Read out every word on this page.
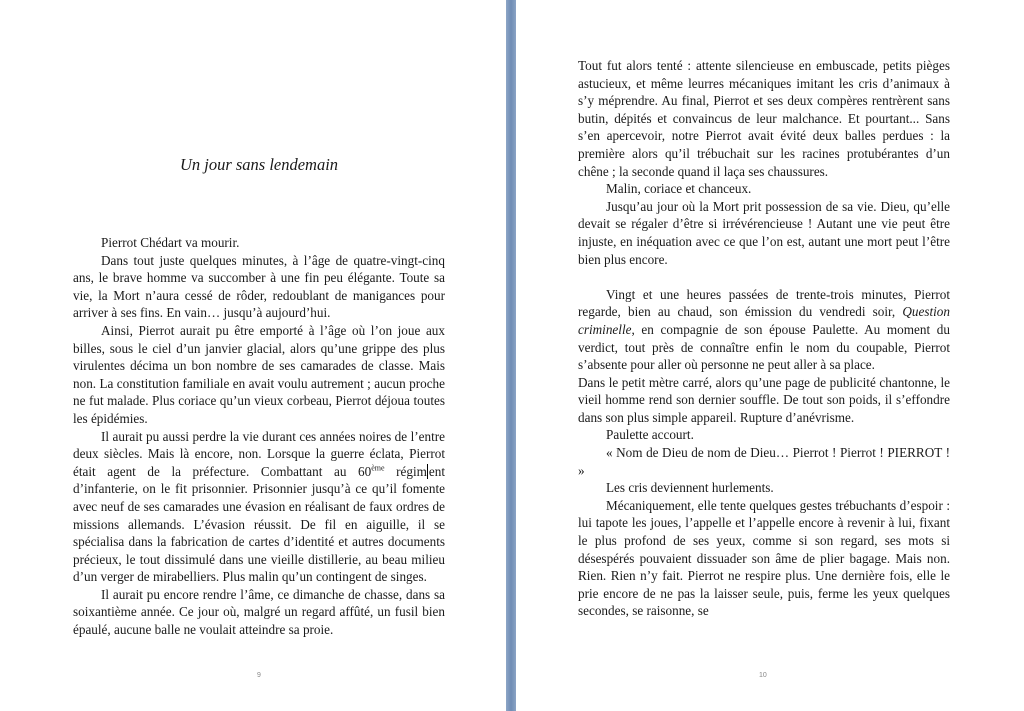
Un jour sans lendemain

Pierrot Chédart va mourir.

Dans tout juste quelques minutes, à l’âge de quatre-vingt-cinq ans, le brave homme va succomber à une fin peu élégante. Toute sa vie, la Mort n’aura cessé de rôder, redoublant de manigances pour arriver à ses fins. En vain… jusqu’à aujourd’hui.

Ainsi, Pierrot aurait pu être emporté à l’âge où l’on joue aux billes, sous le ciel d’un janvier glacial, alors qu’une grippe des plus virulentes décima un bon nombre de ses camarades de classe. Mais non. La constitution familiale en avait voulu autrement ; aucun proche ne fut malade. Plus coriace qu’un vieux corbeau, Pierrot déjoua toutes les épidémies.

Il aurait pu aussi perdre la vie durant ces années noires de l’entre deux siècles. Mais là encore, non. Lorsque la guerre éclata, Pierrot était agent de la préfecture. Combattant au 60ème régim ent d’infanterie, on le fit prisonnier. Prisonnier jusqu’à ce qu’il fomente avec neuf de ses camarades une évasion en réalisant de faux ordres de missions allemands. L’évasion réussit. De fil en aiguille, il se spécialisa dans la fabrication de cartes d’identité et autres documents précieux, le tout dissimulé dans une vieille distillerie, au beau milieu d’un verger de mirabelliers. Plus malin qu’un contingent de singes.

Il aurait pu encore rendre l’âme, ce dimanche de chasse, dans sa soixantième année. Ce jour où, malgré un regard affûté, un fusil bien épaulé, aucune balle ne voulait atteindre sa proie.

9

Tout fut alors tenté : attente silencieuse en embuscade, petits pièges astucieux, et même leurres mécaniques imitant les cris d’animaux à s’y méprendre. Au final, Pierrot et ses deux compères rentrèrent sans butin, dépités et convaincus de leur malchance. Et pourtant... Sans s’en apercevoir, notre Pierrot avait évité deux balles perdues : la première alors qu’il trébuchait sur les racines protubérantes d’un chêne ; la seconde quand il laça ses chaussures.

Malin, coriace et chanceux.

Jusqu’au jour où la Mort prit possession de sa vie. Dieu, qu’elle devait se régaler d’être si irrévérencieuse ! Autant une vie peut être injuste, en inéquation avec ce que l’on est, autant une mort peut l’être bien plus encore.

Vingt et une heures passées de trente-trois minutes, Pierrot regarde, bien au chaud, son émission du vendredi soir, Question criminelle, en compagnie de son épouse Paulette. Au moment du verdict, tout près de connaître enfin le nom du coupable, Pierrot s’absente pour aller où personne ne peut aller à sa place.

Dans le petit mètre carré, alors qu’une page de publicité chantonne, le vieil homme rend son dernier souffle. De tout son poids, il s’effondre dans son plus simple appareil. Rupture d’anévrisme.

Paulette accourt.

« Nom de Dieu de nom de Dieu… Pierrot ! Pierrot ! PIERROT ! »

Les cris deviennent hurlements.

Mécaniquement, elle tente quelques gestes trébuchants d’espoir : lui tapote les joues, l’appelle et l’appelle encore à revenir à lui, fixant le plus profond de ses yeux, comme si son regard, ses mots si désespérés pouvaient dissuader son âme de plier bagage. Mais non. Rien. Rien n’y fait. Pierrot ne respire plus. Une dernière fois, elle le prie encore de ne pas la laisser seule, puis, ferme les yeux quelques secondes, se raisonne, se

10
